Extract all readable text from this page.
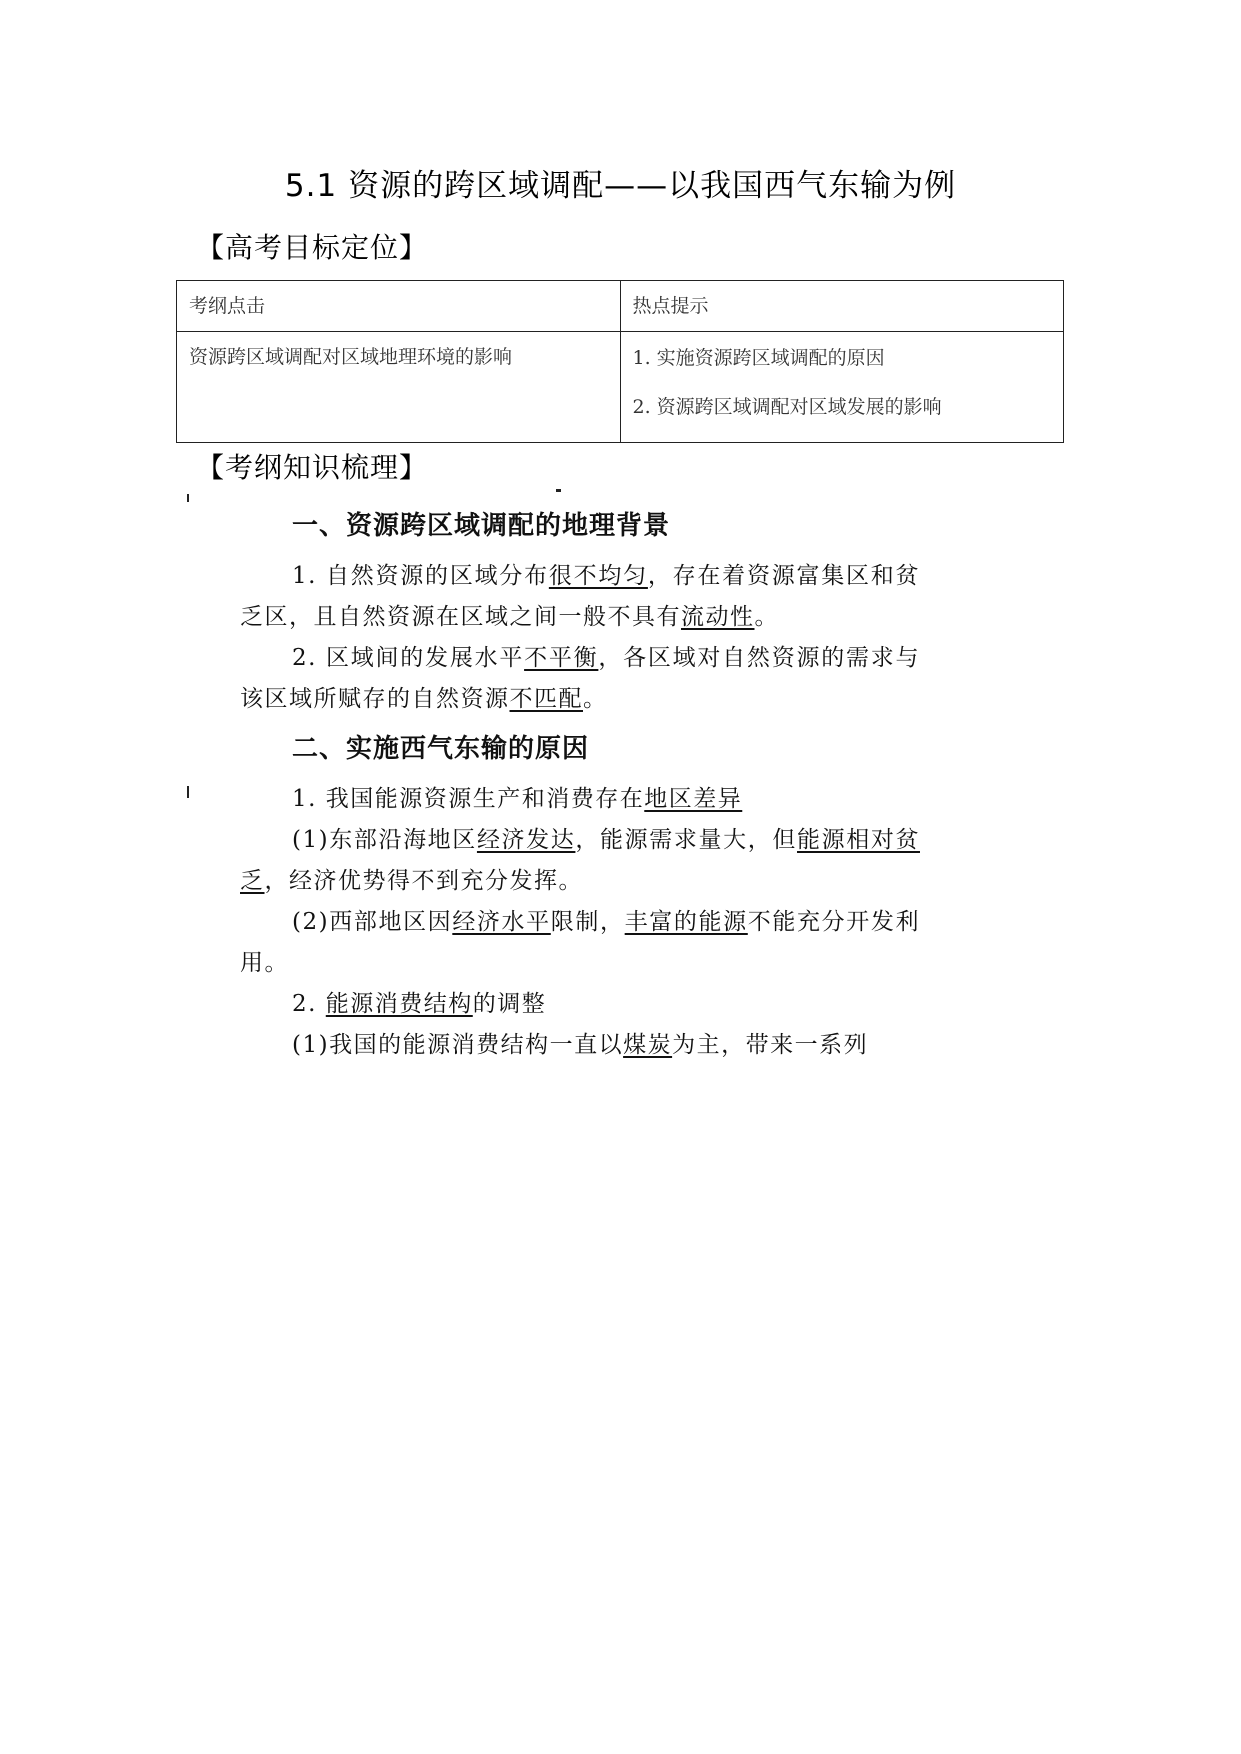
5.1 资源的跨区域调配——以我国西气东输为例
【高考目标定位】
考纲点击	热点提示
资源跨区域调配对区域地理环境的影响	1. 实施资源跨区域调配的原因
2. 资源跨区域调配对区域发展的影响
【考纲知识梳理】
一、资源跨区域调配的地理背景

1. 自然资源的区域分布很不均匀，存在着资源富集区和贫乏区，且自然资源在区域之间一般不具有流动性。

2. 区域间的发展水平不平衡，各区域对自然资源的需求与该区域所赋存的自然资源不匹配。

二、实施西气东输的原因

1. 我国能源资源生产和消费存在地区差异

(1)东部沿海地区经济发达，能源需求量大，但能源相对贫乏，经济优势得不到充分发挥。

(2)西部地区因经济水平限制，丰富的能源不能充分开发利用。

2. 能源消费结构的调整

(1)我国的能源消费结构一直以煤炭为主，带来一系列
